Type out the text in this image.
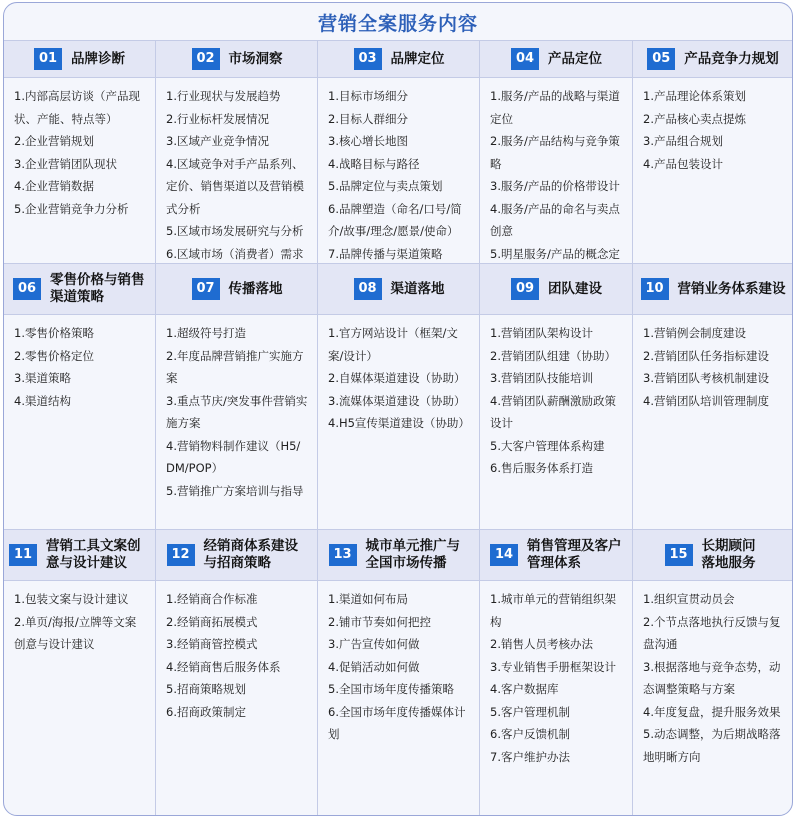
营销全案服务内容
01	品牌诊断
1.内部高层访谈（产品现状、产能、特点等）
2.企业营销规划
3.企业营销团队现状
4.企业营销数据
5.企业营销竞争力分析
02	市场洞察
1.行业现状与发展趋势
2.行业标杆发展情况
3.区域产业竞争情况
4.区域竞争对手产品系列、定价、销售渠道以及营销模式分析
5.区域市场发展研究与分析
6.区域市场（消费者）需求
03	品牌定位
1.目标市场细分
2.目标人群细分
3.核心增长地图
4.战略目标与路径
5.品牌定位与卖点策划
6.品牌塑造（命名/口号/简介/故事/理念/愿景/使命）
7.品牌传播与渠道策略
04	产品定位
1.服务/产品的战略与渠道定位
2.服务/产品结构与竞争策略
3.服务/产品的价格带设计
4.服务/产品的命名与卖点创意
5.明星服务/产品的概念定
05	产品竞争力规划
1.产品理论体系策划
2.产品核心卖点提炼
3.产品组合规划
4.产品包装设计
06
零售价格与销售渠道策略
1.零售价格策略
2.零售价格定位
3.渠道策略
4.渠道结构
07	传播落地
1.超级符号打造
2.年度品牌营销推广实施方案
3.重点节庆/突发事件营销实施方案
4.营销物料制作建议（H5/DM/POP）
5.营销推广方案培训与指导
08	渠道落地
1.官方网站设计（框架/文案/设计）
2.自媒体渠道建设（协助）
3.流媒体渠道建设（协助）
4.H5宣传渠道建设（协助）
09	团队建设
1.营销团队架构设计
2.营销团队组建（协助）
3.营销团队技能培训
4.营销团队薪酬激励政策设计
5.大客户管理体系构建
6.售后服务体系打造
10	营销业务体系建设
1.营销例会制度建设
2.营销团队任务指标建设
3.营销团队考核机制建设
4.营销团队培训管理制度
11
营销工具文案创意与设计建议
1.包装文案与设计建议
2.单页/海报/立牌等文案创意与设计建议
12
经销商体系建设与招商策略
1.经销商合作标准
2.经销商拓展模式
3.经销商管控模式
4.经销商售后服务体系
5.招商策略规划
6.招商政策制定
13
城市单元推广与全国市场传播
1.渠道如何布局
2.铺市节奏如何把控
3.广告宣传如何做
4.促销活动如何做
5.全国市场年度传播策略
6.全国市场年度传播媒体计划
14
销售管理及客户管理体系
1.城市单元的营销组织架构
2.销售人员考核办法
3.专业销售手册框架设计
4.客户数据库
5.客户管理机制
6.客户反馈机制
7.客户维护办法
15
长期顾问落地服务
1.组织宣贯动员会
2.个节点落地执行反馈与复盘沟通
3.根据落地与竞争态势，动态调整策略与方案
4.年度复盘，提升服务效果
5.动态调整，为后期战略落地明晰方向
